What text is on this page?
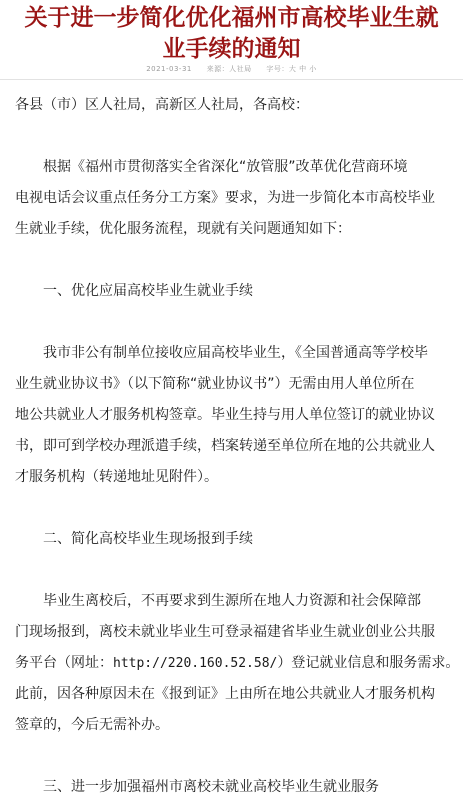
关于进一步简化优化福州市高校毕业生就
业手续的通知
2021-03-31 来源：人社局 字号：大 中 小
各县（市）区人社局，高新区人社局，各高校：
　　根据《福州市贯彻落实全省深化“放管服”改革优化营商环境
电视电话会议重点任务分工方案》要求，为进一步简化本市高校毕业
生就业手续，优化服务流程，现就有关问题通知如下：
　　一、优化应届高校毕业生就业手续
　　我市非公有制单位接收应届高校毕业生，《全国普通高等学校毕
业生就业协议书》（以下简称“就业协议书”）无需由用人单位所在
地公共就业人才服务机构签章。毕业生持与用人单位签订的就业协议
书，即可到学校办理派遣手续，档案转递至单位所在地的公共就业人
才服务机构（转递地址见附件）。
　　二、简化高校毕业生现场报到手续
　　毕业生离校后，不再要求到生源所在地人力资源和社会保障部
门现场报到，离校未就业毕业生可登录福建省毕业生就业创业公共服
务平台（网址：http://220.160.52.58/）登记就业信息和服务需求。
此前，因各种原因未在《报到证》上由所在地公共就业人才服务机构
签章的，今后无需补办。
　　三、进一步加强福州市离校未就业高校毕业生就业服务
